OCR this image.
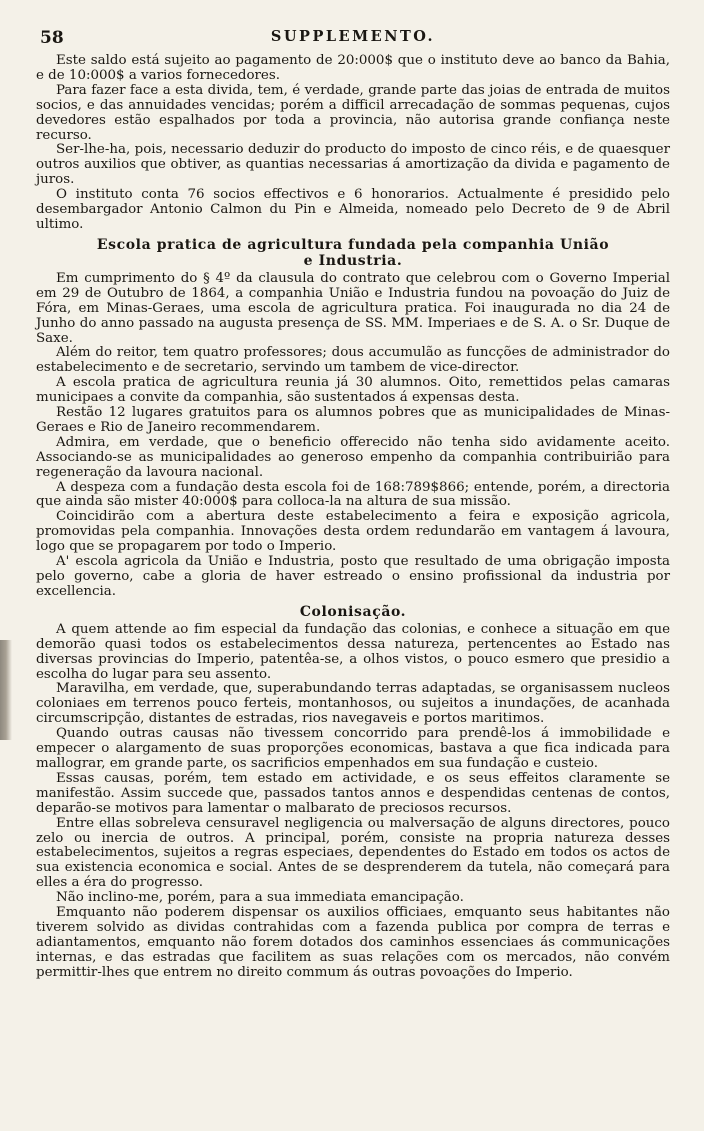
58	SUPPLEMENTO.

Este saldo está sujeito ao pagamento de 20:000$ que o instituto deve ao banco da Bahia, e de 10:000$ a varios fornecedores.

Para fazer face a esta divida, tem, é verdade, grande parte das joias de entrada de muitos socios, e das annuidades vencidas; porém a difficil arrecadação de sommas pequenas, cujos devedores estão espalhados por toda a provincia, não autorisa grande confiança neste recurso.

Ser-lhe-ha, pois, necessario deduzir do producto do imposto de cinco réis, e de quaesquer outros auxilios que obtiver, as quantias necessarias á amortização da divida e pagamento de juros.

O instituto conta 76 socios effectivos e 6 honorarios. Actualmente é presidido pelo desembargador Antonio Calmon du Pin e Almeida, nomeado pelo Decreto de 9 de Abril ultimo.

Escola pratica de agricultura fundada pela companhia União
e Industria.

Em cumprimento do § 4º da clausula do contrato que celebrou com o Governo Imperial em 29 de Outubro de 1864, a companhia União e Industria fundou na povoação do Juiz de Fóra, em Minas-Geraes, uma escola de agricultura pratica. Foi inaugurada no dia 24 de Junho do anno passado na augusta presença de SS. MM. Imperiaes e de S. A. o Sr. Duque de Saxe.

Além do reitor, tem quatro professores; dous accumulão as funcções de administrador do estabelecimento e de secretario, servindo um tambem de vice-director.

A escola pratica de agricultura reunia já 30 alumnos. Oito, remettidos pelas camaras municipaes a convite da companhia, são sustentados á expensas desta.

Restão 12 lugares gratuitos para os alumnos pobres que as municipalidades de Minas-Geraes e Rio de Janeiro recommendarem.

Admira, em verdade, que o beneficio offerecido não tenha sido avidamente aceito. Associando-se as municipalidades ao generoso empenho da companhia contribuirião para regeneração da lavoura nacional.

A despeza com a fundação desta escola foi de 168:789$866; entende, porém, a directoria que ainda são mister 40:000$ para colloca-la na altura de sua missão.

Coincidirão com a abertura deste estabelecimento a feira e exposição agricola, promovidas pela companhia. Innovações desta ordem redundarão em vantagem á lavoura, logo que se propagarem por todo o Imperio.

A' escola agricola da União e Industria, posto que resultado de uma obrigação imposta pelo governo, cabe a gloria de haver estreado o ensino profissional da industria por excellencia.

Colonisação.

A quem attende ao fim especial da fundação das colonias, e conhece a situação em que demorão quasi todos os estabelecimentos dessa natureza, pertencentes ao Estado nas diversas provincias do Imperio, patentêa-se, a olhos vistos, o pouco esmero que presidio a escolha do lugar para seu assento.

Maravilha, em verdade, que, superabundando terras adaptadas, se organisassem nucleos coloniaes em terrenos pouco ferteis, montanhosos, ou sujeitos a inundações, de acanhada circumscripção, distantes de estradas, rios navegaveis e portos maritimos.

Quando outras causas não tivessem concorrido para prendê-los á immobilidade e empecer o alargamento de suas proporções economicas, bastava a que fica indicada para mallograr, em grande parte, os sacrificios empenhados em sua fundação e custeio.

Essas causas, porém, tem estado em actividade, e os seus effeitos claramente se manifestão. Assim succede que, passados tantos annos e despendidas centenas de contos, deparão-se motivos para lamentar o malbarato de preciosos recursos.

Entre ellas sobreleva censuravel negligencia ou malversação de alguns directores, pouco zelo ou inercia de outros. A principal, porém, consiste na propria natureza desses estabelecimentos, sujeitos a regras especiaes, dependentes do Estado em todos os actos de sua existencia economica e social. Antes de se desprenderem da tutela, não começará para elles a éra do progresso.

Não inclino-me, porém, para a sua immediata emancipação.

Emquanto não poderem dispensar os auxilios officiaes, emquanto seus habitantes não tiverem solvido as dividas contrahidas com a fazenda publica por compra de terras e adiantamentos, emquanto não forem dotados dos caminhos essenciaes ás communicações internas, e das estradas que facilitem as suas relações com os mercados, não convém permittir-lhes que entrem no direito commum ás outras povoações do Imperio.
